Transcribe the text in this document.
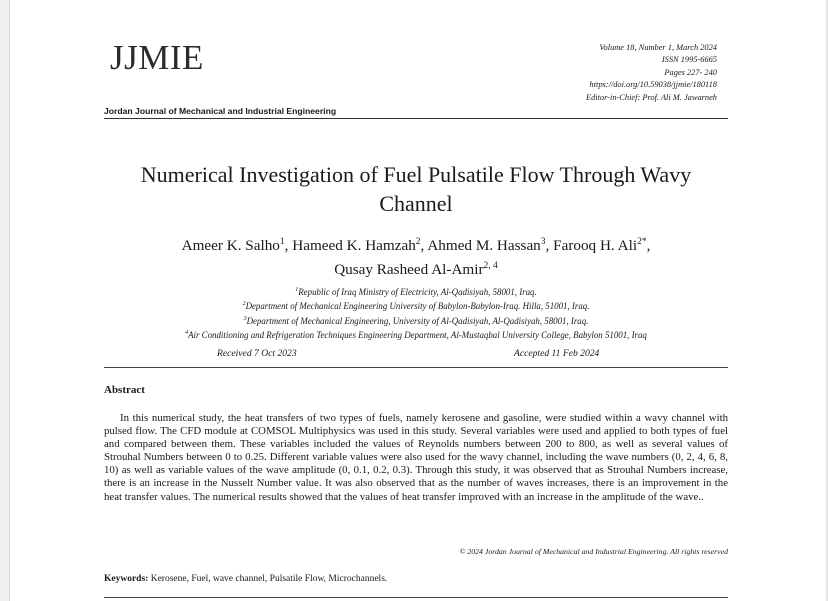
JJMIE	Volume 18, Number 1, March 2024
ISSN 1995-6665
Pages 227- 240
https://doi.org/10.59038/jjmie/180118
Editor-in-Chief: Prof. Ali M. Jawarneh
Jordan Journal of Mechanical and Industrial Engineering
Numerical Investigation of Fuel Pulsatile Flow Through Wavy Channel
Ameer K. Salho$^1$, Hameed K. Hamzah$^2$, Ahmed M. Hassan$^3$, Farooq H. Ali$^{2*}$,
Qusay Rasheed Al-Amir$^{2, 4}$
$^1$Republic of Iraq Ministry of Electricity, Al-Qadisiyah, 58001, Iraq.
$^2$Department of Mechanical Engineering University of Babylon-Babylon-Iraq. Hilla, 51001, Iraq.
$^3$Department of Mechanical Engineering, University of Al-Qadisiyah, Al-Qadisiyah, 58001, Iraq.
$^4$Air Conditioning and Refrigeration Techniques Engineering Department, Al-Mustaqbal University College, Babylon 51001, Iraq
Received 7 Oct 2023	Accepted 11 Feb 2024
Abstract
In this numerical study, the heat transfers of two types of fuels, namely kerosene and gasoline, were studied within a wavy channel with pulsed flow. The CFD module at COMSOL Multiphysics was used in this study. Several variables were used and applied to both types of fuel and compared between them. These variables included the values of Reynolds numbers between 200 to 800, as well as several values of Strouhal Numbers between 0 to 0.25. Different variable values were also used for the wavy channel, including the wave numbers (0, 2, 4, 6, 8, 10) as well as variable values of the wave amplitude (0, 0.1, 0.2, 0.3). Through this study, it was observed that as Strouhal Numbers increase, there is an increase in the Nusselt Number value. It was also observed that as the number of waves increases, there is an improvement in the heat transfer values. The numerical results showed that the values of heat transfer improved with an increase in the amplitude of the wave..
© 2024 Jordan Journal of Mechanical and Industrial Engineering. All rights reserved
Keywords: Kerosene, Fuel, wave channel, Pulsatile Flow, Microchannels.
